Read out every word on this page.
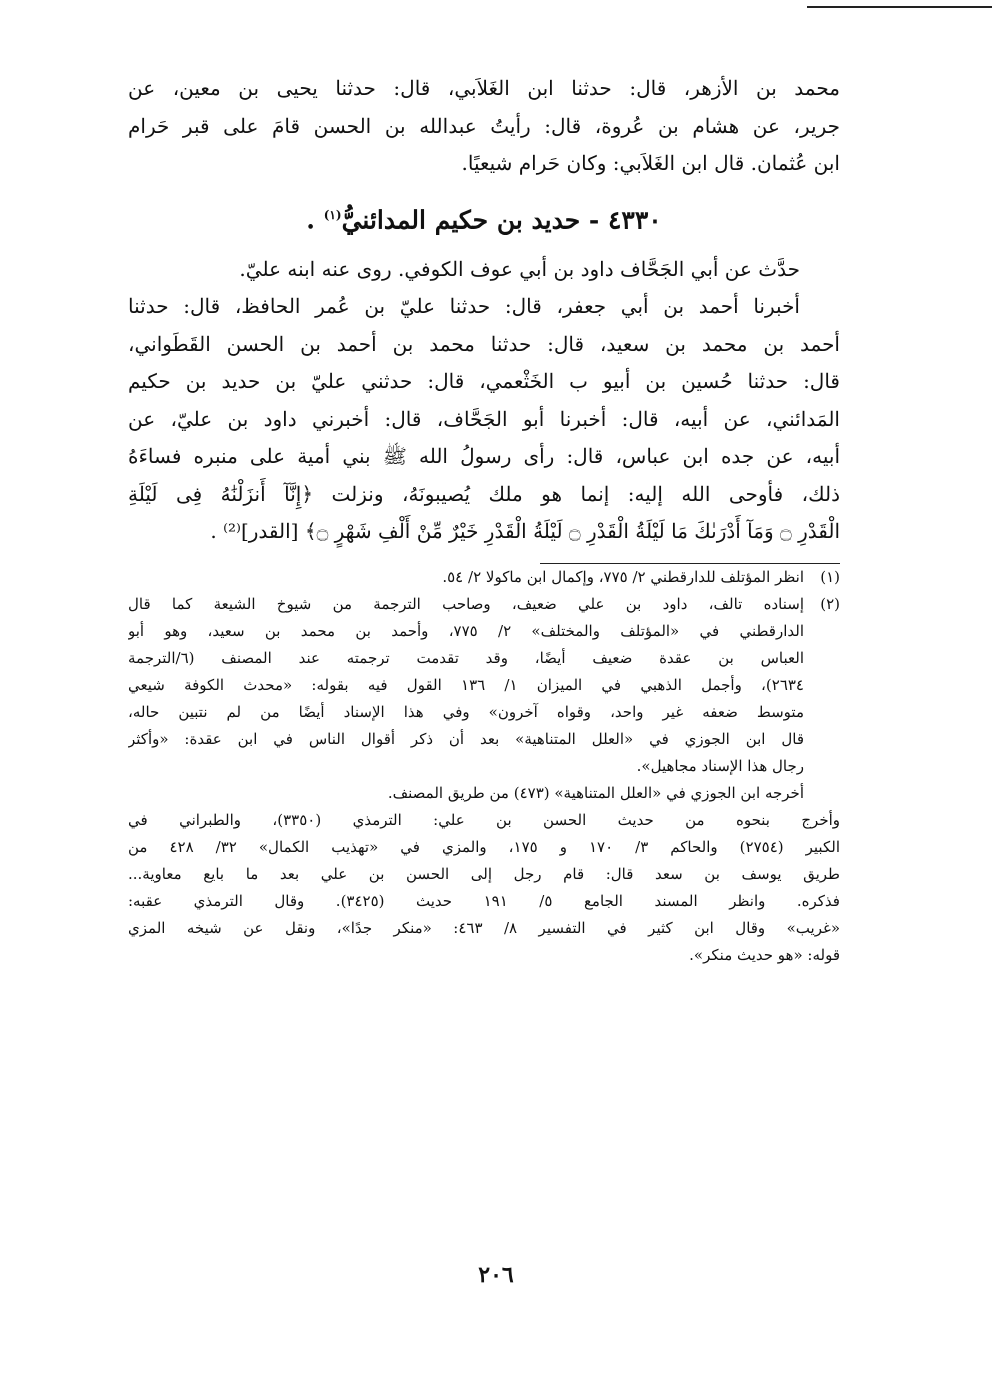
محمد بن الأزهر، قال: حدثنا ابن الغَلاَبي، قال: حدثنا يحيى بن معين، عن
جرير، عن هشام بن عُروة، قال: رأيتُ عبدالله بن الحسن قامَ على قبر حَرام
ابن عُثمان. قال ابن الغَلاَبي: وكان حَرام شيعيًا.
٤٣٣٠ - حديد بن حكيم المدائنيُّ$^{(١)}$ .
حدَّث عن أبي الجَحَّاف داود بن أبي عوف الكوفي. روى عنه ابنه عليّ.
أخبرنا أحمد بن أبي جعفر، قال: حدثنا عليّ بن عُمر الحافظ، قال: حدثنا
أحمد بن محمد بن سعيد، قال: حدثنا محمد بن أحمد بن الحسن القَطَواني،
قال: حدثنا حُسين بن أبيو ب الخَثْعمي، قال: حدثني عليّ بن حديد بن حكيم
المَدائني، عن أبيه، قال: أخبرنا أبو الجَحَّاف، قال: أخبرني داود بن عليّ، عن
أبيه، عن جده ابن عباس، قال: رأى رسولُ الله ﷺ بني أمية على منبره فساءَهُ
ذلك، فأوحى الله إليه: إنما هو ملك يُصيبونَهُ، ونزلت ﴿إِنَّآ أَنزَلْنَٰهُ فِى لَيْلَةِ
الْقَدْرِ ۝ وَمَآ أَدْرَىٰكَ مَا لَيْلَةُ الْقَدْرِ ۝ لَيْلَةُ الْقَدْرِ خَيْرٌ مِّنْ أَلْفِ شَهْرٍ ۝﴾ [القدر]⁽²⁾ .
(١)
انظر المؤتلف للدارقطني ٢/ ٧٧٥، وإكمال ابن ماكولا ٢/ ٥٤.
(٢)
إسناده تالف، داود بن علي ضعيف، وصاحب الترجمة من شيوخ الشيعة كما قال
الدارقطني في «المؤتلف والمختلف» ٢/ ٧٧٥، وأحمد بن محمد بن سعيد، وهو أبو
العباس بن عقدة ضعيف أيضًا، وقد تقدمت ترجمته عند المصنف (٦/الترجمة
٢٦٣٤)، وأجمل الذهبي في الميزان ١/ ١٣٦ القول فيه بقوله: «محدث الكوفة شيعي
متوسط ضعفه غير واحد، وقواه آخرون» وفي هذا الإسناد أيضًا من لم نتبين حاله،
قال ابن الجوزي في «العلل المتناهية» بعد أن ذكر أقوال الناس في ابن عقدة: «وأكثر
رجال هذا الإسناد مجاهيل».
أخرجه ابن الجوزي في «العلل المتناهية» (٤٧٣) من طريق المصنف.
وأخرج بنحوه من حديث الحسن بن علي: الترمذي (٣٣٥٠)، والطبراني في
الكبير (٢٧٥٤) والحاكم ٣/ ١٧٠ و ١٧٥، والمزي في «تهذيب الكمال» ٣٢/ ٤٢٨ من
طريق يوسف بن سعد قال: قام رجل إلى الحسن بن علي بعد ما بايع معاوية...
فذكره. وانظر المسند الجامع ٥/ ١٩١ حديث (٣٤٢٥). وقال الترمذي عقبه:
«غريب» وقال ابن كثير في التفسير ٨/ ٤٦٣: «منكر جدًا»، ونقل عن شيخه المزي
قوله: «هو حديث منكر».
٢٠٦
